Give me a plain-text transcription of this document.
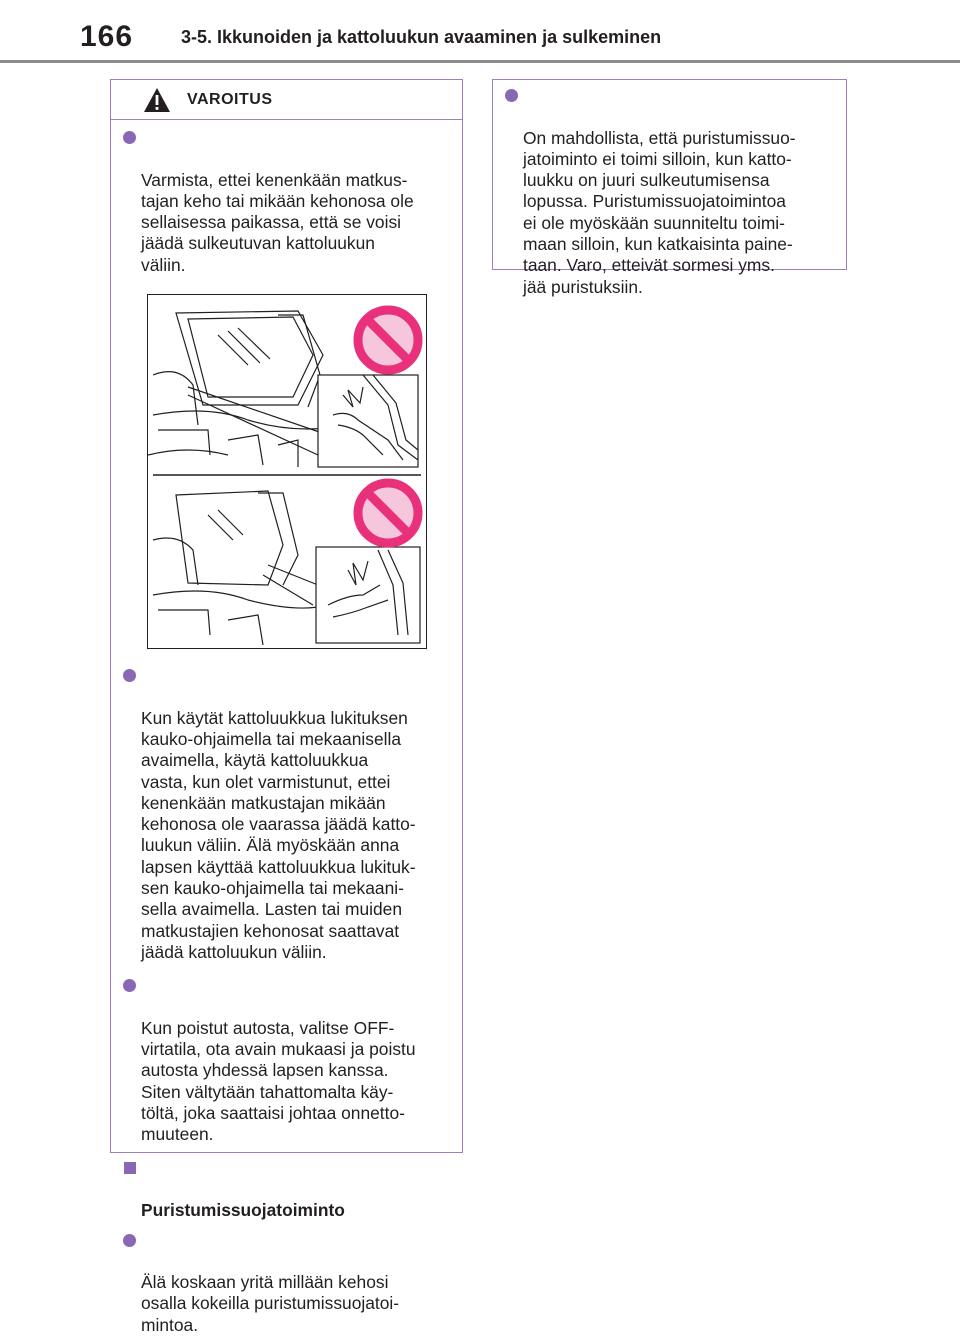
166	3-5. Ikkunoiden ja kattoluukun avaaminen ja sulkeminen
VAROITUS

Varmista, ettei kenenkään matkus-
tajan keho tai mikään kehonosa ole
sellaisessa paikassa, että se voisi
jäädä sulkeutuvan kattoluukun
väliin.

Kun käytät kattoluukkua lukituksen
kauko-ohjaimella tai mekaanisella
avaimella, käytä kattoluukkua
vasta, kun olet varmistunut, ettei
kenenkään matkustajan mikään
kehonosa ole vaarassa jäädä katto-
luukun väliin. Älä myöskään anna
lapsen käyttää kattoluukkua lukituk-
sen kauko-ohjaimella tai mekaani-
sella avaimella. Lasten tai muiden
matkustajien kehonosat saattavat
jäädä kattoluukun väliin.

Kun poistut autosta, valitse OFF-
virtatila, ota avain mukaasi ja poistu
autosta yhdessä lapsen kanssa.
Siten vältytään tahattomalta käy-
töltä, joka saattaisi johtaa onnetto-
muuteen.

Puristumissuojatoiminto

Älä koskaan yritä millään kehosi
osalla kokeilla puristumissuojatoi-
mintoa.

On mahdollista, että puristumissuo-
jatoiminto ei toimi silloin, kun katto-
luukku on juuri sulkeutumisensa
lopussa. Puristumissuojatoimintoa
ei ole myöskään suunniteltu toimi-
maan silloin, kun katkaisinta paine-
taan. Varo, etteivät sormesi yms.
jää puristuksiin.
